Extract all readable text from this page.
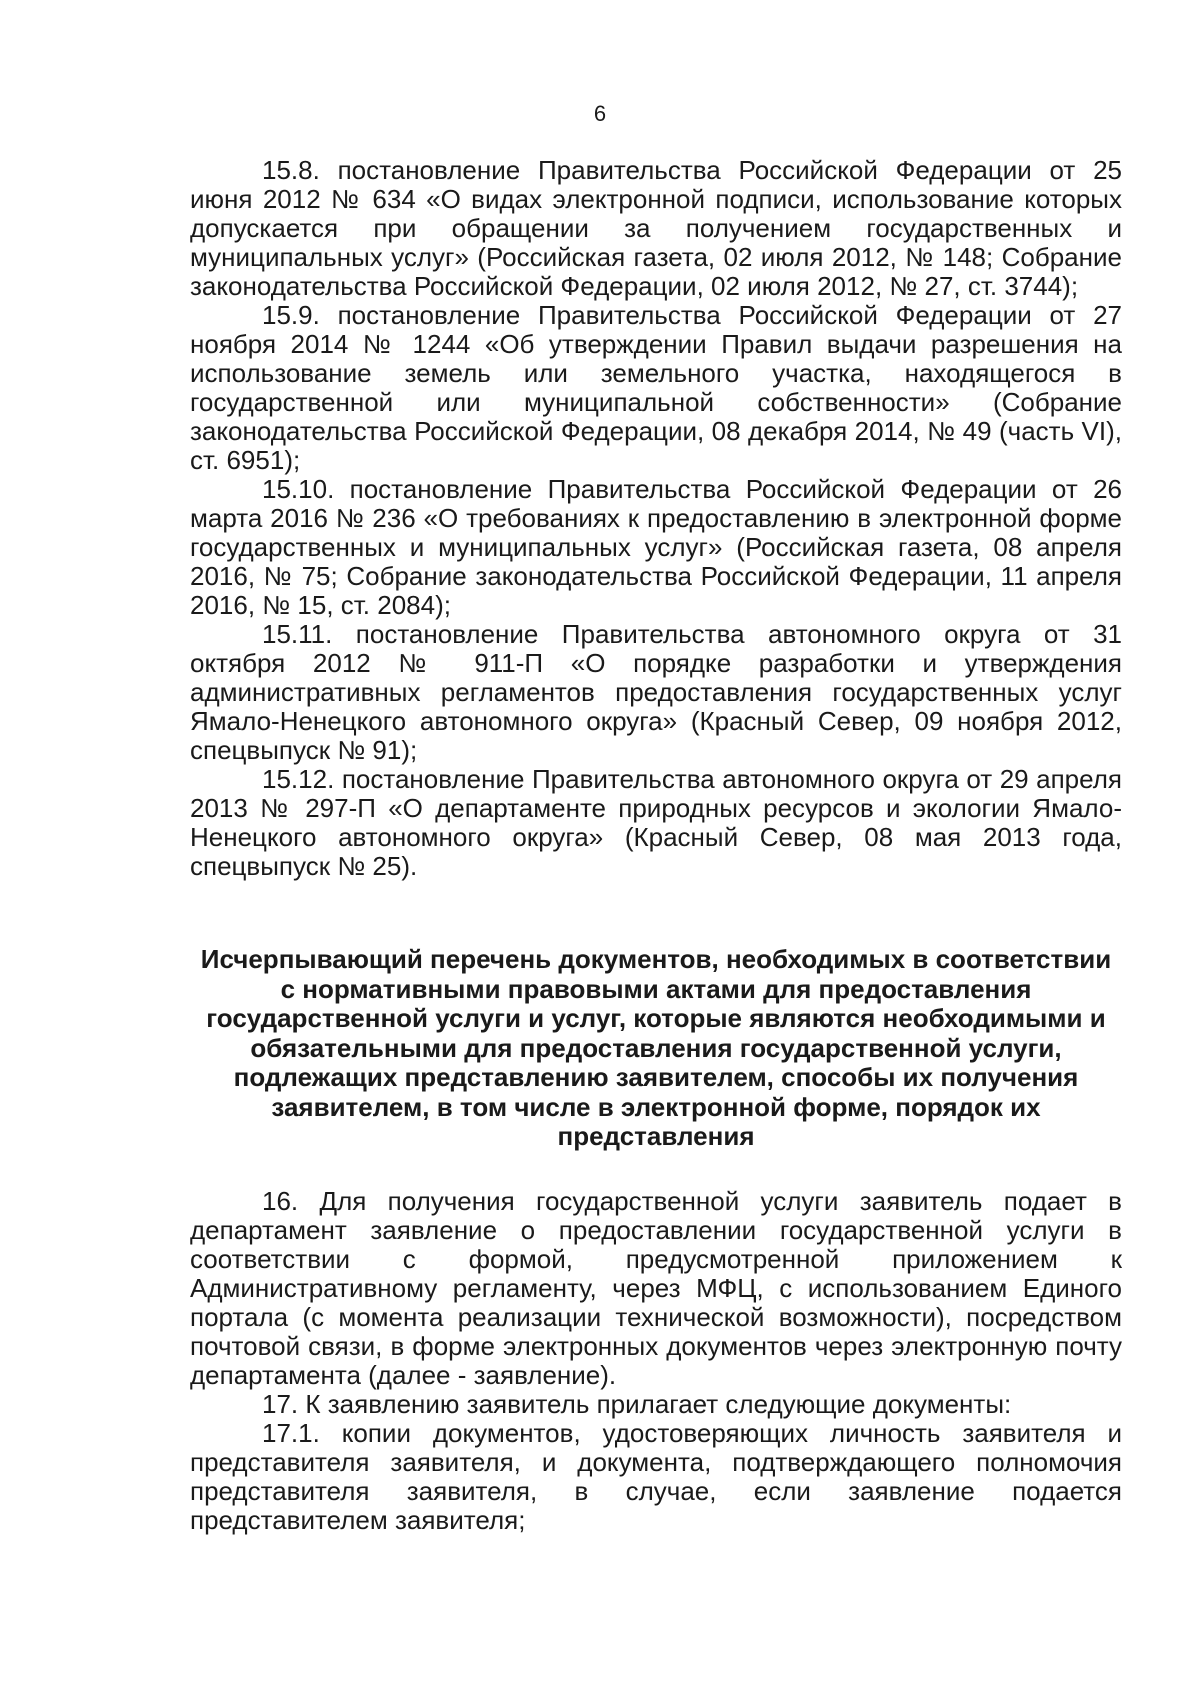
6

15.8. постановление Правительства Российской Федерации от 25 июня 2012 № 634 «О видах электронной подписи, использование которых допускается при обращении за получением государственных и муниципальных услуг» (Российская газета, 02 июля 2012, № 148; Собрание законодательства Российской Федерации, 02 июля 2012, № 27, ст. 3744);

15.9. постановление Правительства Российской Федерации от 27 ноября 2014 № 1244 «Об утверждении Правил выдачи разрешения на использование земель или земельного участка, находящегося в государственной или муниципальной собственности» (Собрание законодательства Российской Федерации, 08 декабря 2014, № 49 (часть VI), ст. 6951);

15.10. постановление Правительства Российской Федерации от 26 марта 2016 № 236 «О требованиях к предоставлению в электронной форме государственных и муниципальных услуг» (Российская газета, 08 апреля 2016, № 75; Собрание законодательства Российской Федерации, 11 апреля 2016, № 15, ст. 2084);

15.11. постановление Правительства автономного округа от 31 октября 2012 № 911-П «О порядке разработки и утверждения административных регламентов предоставления государственных услуг Ямало-Ненецкого автономного округа» (Красный Север, 09 ноября 2012, спецвыпуск № 91);

15.12. постановление Правительства автономного округа от 29 апреля 2013 № 297-П «О департаменте природных ресурсов и экологии Ямало-Ненецкого автономного округа» (Красный Север, 08 мая 2013 года, спецвыпуск № 25).

Исчерпывающий перечень документов, необходимых в соответствии с нормативными правовыми актами для предоставления государственной услуги и услуг, которые являются необходимыми и обязательными для предоставления государственной услуги, подлежащих представлению заявителем, способы их получения заявителем, в том числе в электронной форме, порядок их представления

16. Для получения государственной услуги заявитель подает в департамент заявление о предоставлении государственной услуги в соответствии с формой, предусмотренной приложением к Административному регламенту, через МФЦ, с использованием Единого портала (с момента реализации технической возможности), посредством почтовой связи, в форме электронных документов через электронную почту департамента (далее - заявление).

17. К заявлению заявитель прилагает следующие документы:

17.1. копии документов, удостоверяющих личность заявителя и представителя заявителя, и документа, подтверждающего полномочия представителя заявителя, в случае, если заявление подается представителем заявителя;
